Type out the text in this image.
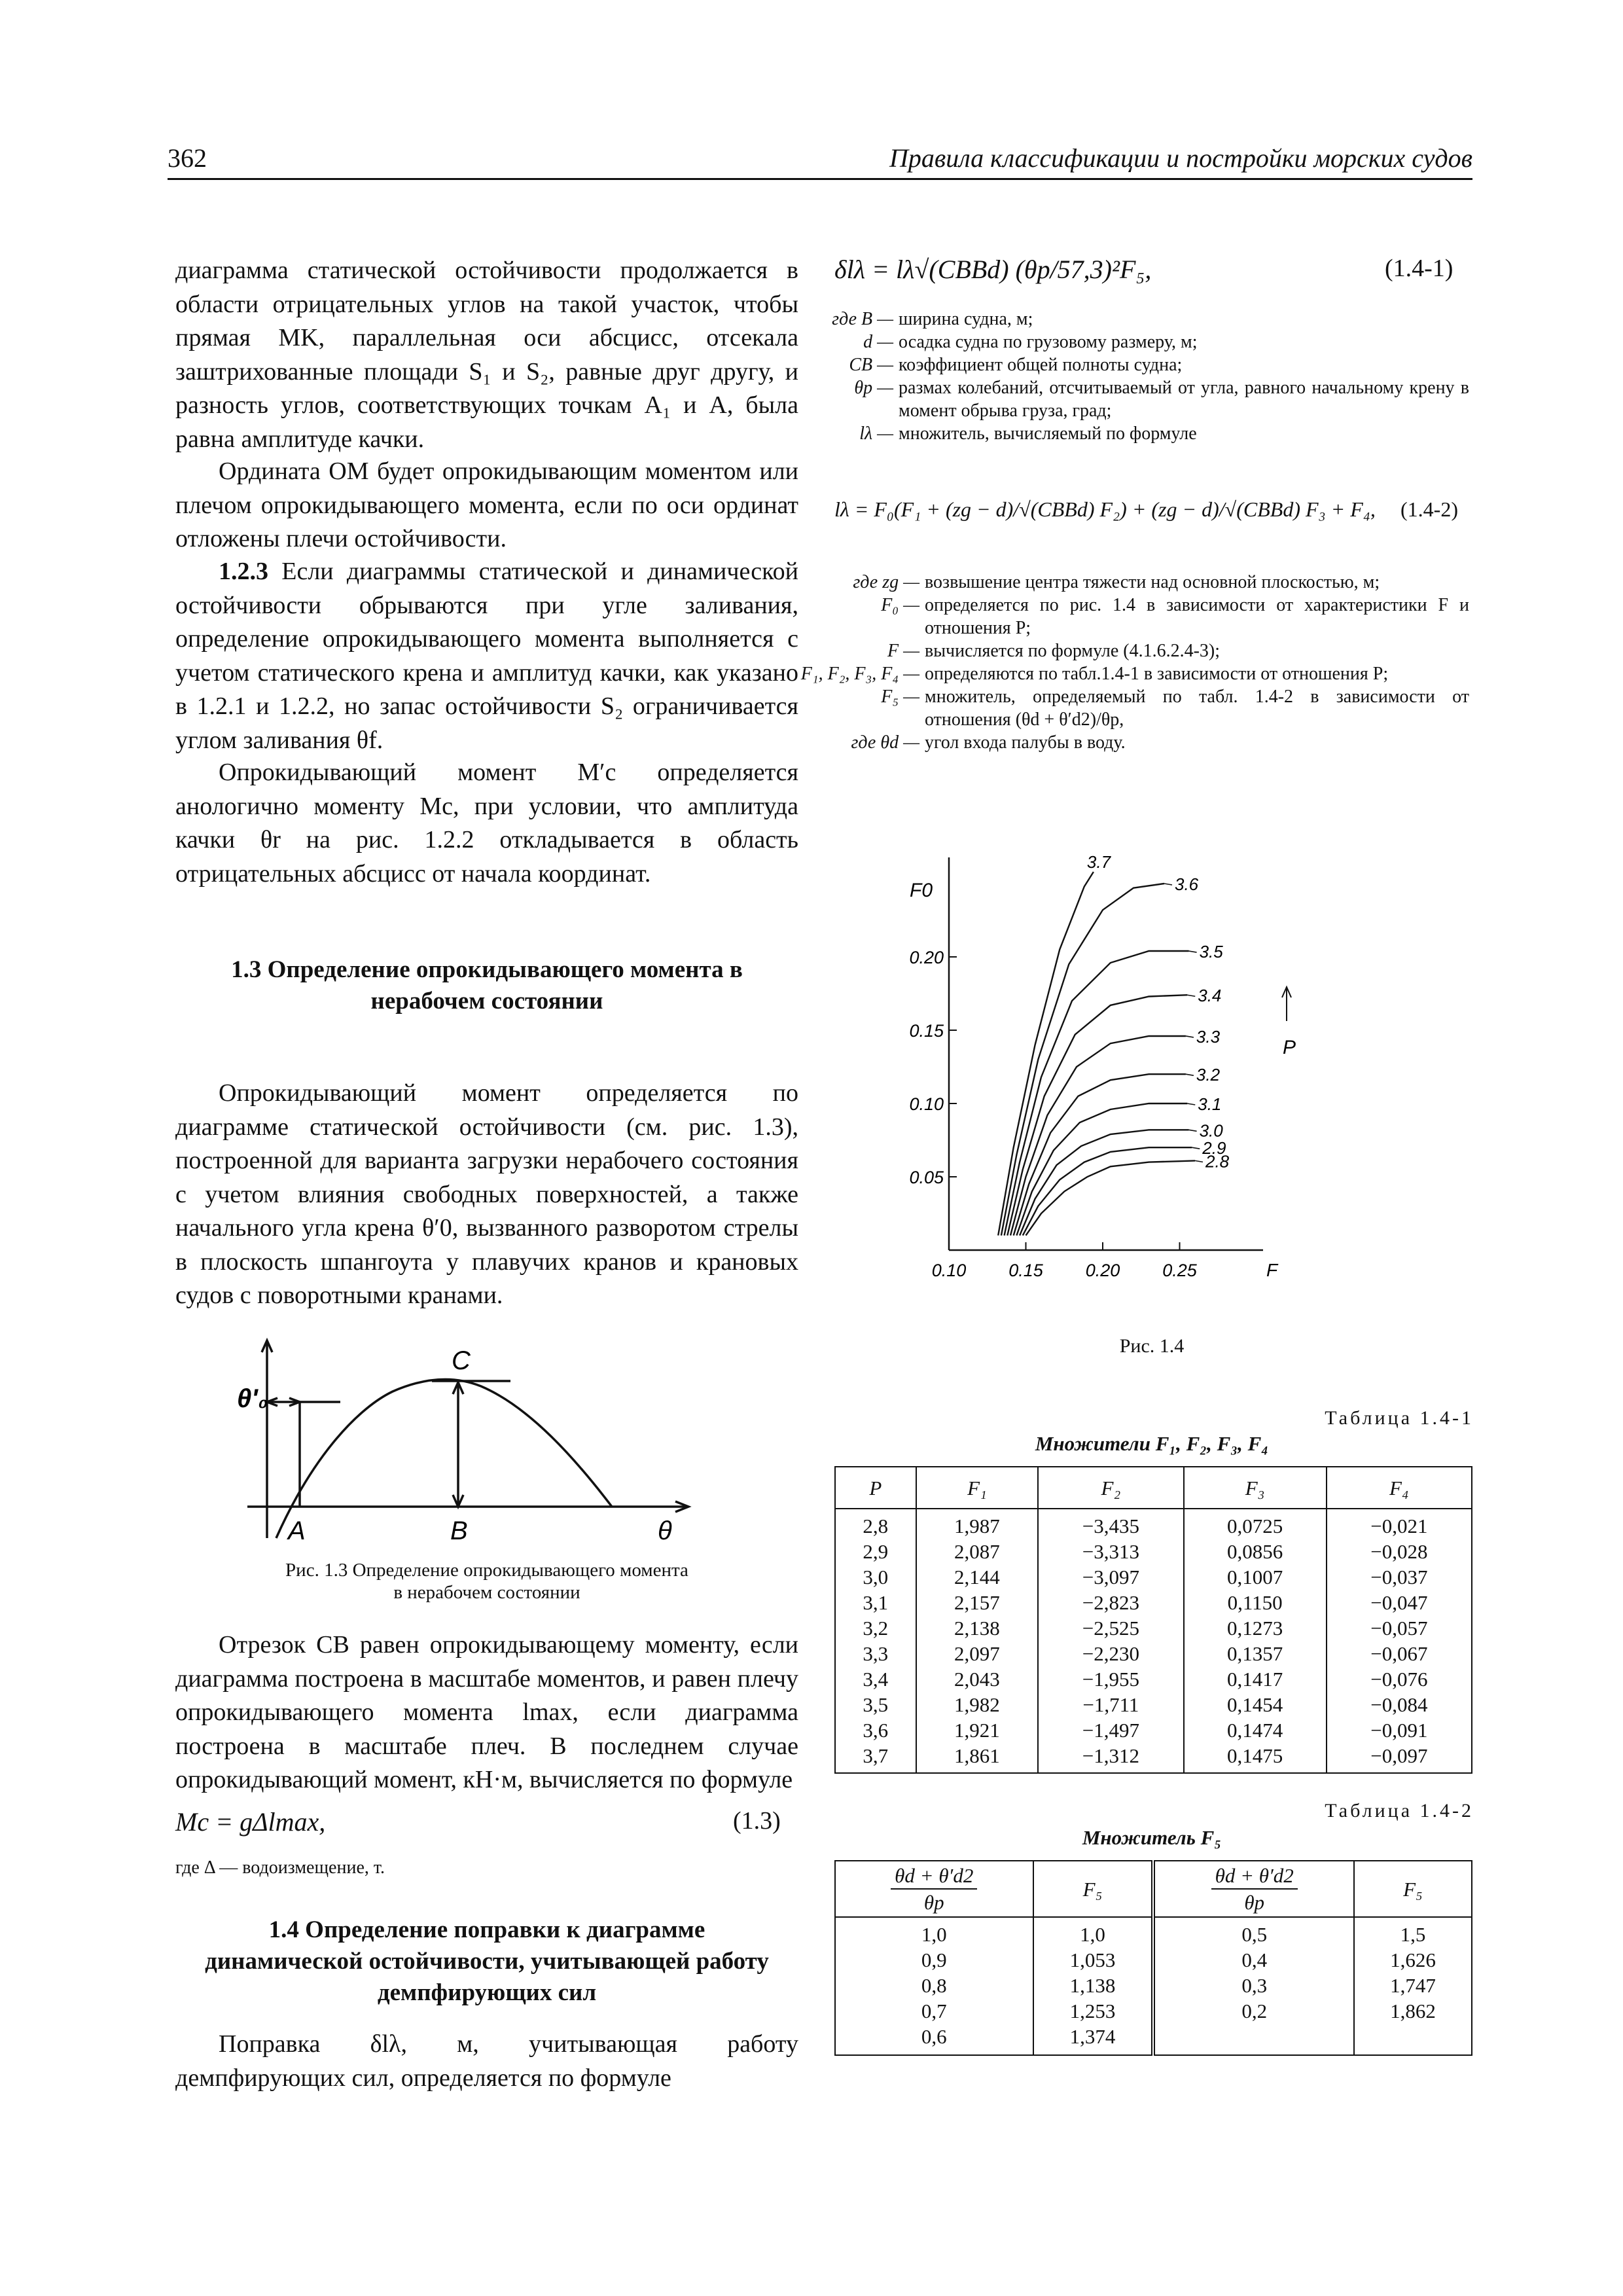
362	Правила классификации и постройки морских судов

диаграмма статической остойчивости продолжается в области отрицательных углов на такой участок, чтобы прямая MK, параллельная оси абсцисс, отсекала заштрихованные площади S₁ и S₂, равные друг другу, и разность углов, соответствующих точкам A₁ и A, была равна амплитуде качки.

Ордината OM будет опрокидывающим моментом или плечом опрокидывающего момента, если по оси ординат отложены плечи остойчивости.

1.2.3 Если диаграммы статической и динамической остойчивости обрываются при угле заливания, определение опрокидывающего момента выполняется с учетом статического крена и амплитуд качки, как указано в 1.2.1 и 1.2.2, но запас остойчивости S₂ ограничивается углом заливания θf.

Опрокидывающий момент M′c определяется анологично моменту Mc, при условии, что амплитуда качки θr на рис. 1.2.2 откладывается в область отрицательных абсцисс от начала координат.

1.3 Определение опрокидывающего момента в нерабочем состоянии

Опрокидывающий момент определяется по диаграмме статической остойчивости (см. рис. 1.3), построенной для варианта загрузки нерабочего состояния с учетом влияния свободных поверхностей, а также начального угла крена θ′0, вызванного разворотом стрелы в плоскость шпангоута у плавучих кранов и крановых судов с поворотными кранами.

θ'₀
C
A	B	θ
Рис. 1.3 Определение опрокидывающего момента
в нерабочем состоянии

Отрезок CB равен опрокидывающему моменту, если диаграмма построена в масштабе моментов, и равен плечу опрокидывающего момента lmax, если диаграмма построена в масштабе плеч. В последнем случае опрокидывающий момент, кН·м, вычисляется по формуле

Mc = gΔlmax,	(1.3)
где Δ — водоизмещение, т.

1.4 Определение поправки к диаграмме динамической остойчивости, учитывающей работу демпфирующих сил

Поправка δlλ, м, учитывающая работу демпфирующих сил, определяется по формуле

δlλ = lλ√(CBBd) (θp/57,3)²F₅,	(1.4-1)
где B — ширина судна, м;
d — осадка судна по грузовому размеру, м;
CB — коэффициент общей полноты судна;
θp — размах колебаний, отсчитываемый от угла, равного начальному крену в момент обрыва груза, град;
lλ — множитель, вычисляемый по формуле
lλ = F₀(F₁ + (zg − d)/√(CBBd) F₂) + (zg − d)/√(CBBd) F₃ + F₄, (1.4-2)
где zg — возвышение центра тяжести над основной плоскостью, м;
F₀ — определяется по рис. 1.4 в зависимости от характеристики F и отношения P;
F — вычисляется по формуле (4.1.6.2.4-3);
F₁, F₂, F₃, F₄ — определяются по табл.1.4-1 в зависимости от отношения P;
F₅ — множитель, определяемый по табл. 1.4-2 в зависимости от отношения (θd + θ′d2)/θp,
где θd — угол входа палубы в воду.
F0
F
0.10 0.15 0.20 0.25
0.05
0.10
0.15
0.20
2.8
2.9
3.0
3.1
3.2
3.3
3.4
3.5
3.6
3.7
P
Рис. 1.4
Таблица 1.4-1
Множители F₁, F₂, F₃, F₄
P	F₁	F₂	F₃	F₄
2,8	1,987	−3,435	0,0725	−0,021
2,9	2,087	−3,313	0,0856	−0,028
3,0	2,144	−3,097	0,1007	−0,037
3,1	2,157	−2,823	0,1150	−0,047
3,2	2,138	−2,525	0,1273	−0,057
3,3	2,097	−2,230	0,1357	−0,067
3,4	2,043	−1,955	0,1417	−0,076
3,5	1,982	−1,711	0,1454	−0,084
3,6	1,921	−1,497	0,1474	−0,091
3,7	1,861	−1,312	0,1475	−0,097
Таблица 1.4-2
Множитель F₅
θd + θ′d2
θp	F₅	θd + θ′d2
θp	F₅
1,0	1,0	0,5	1,5
0,9	1,053	0,4	1,626
0,8	1,138	0,3	1,747
0,7	1,253	0,2	1,862
0,6	1,374		
